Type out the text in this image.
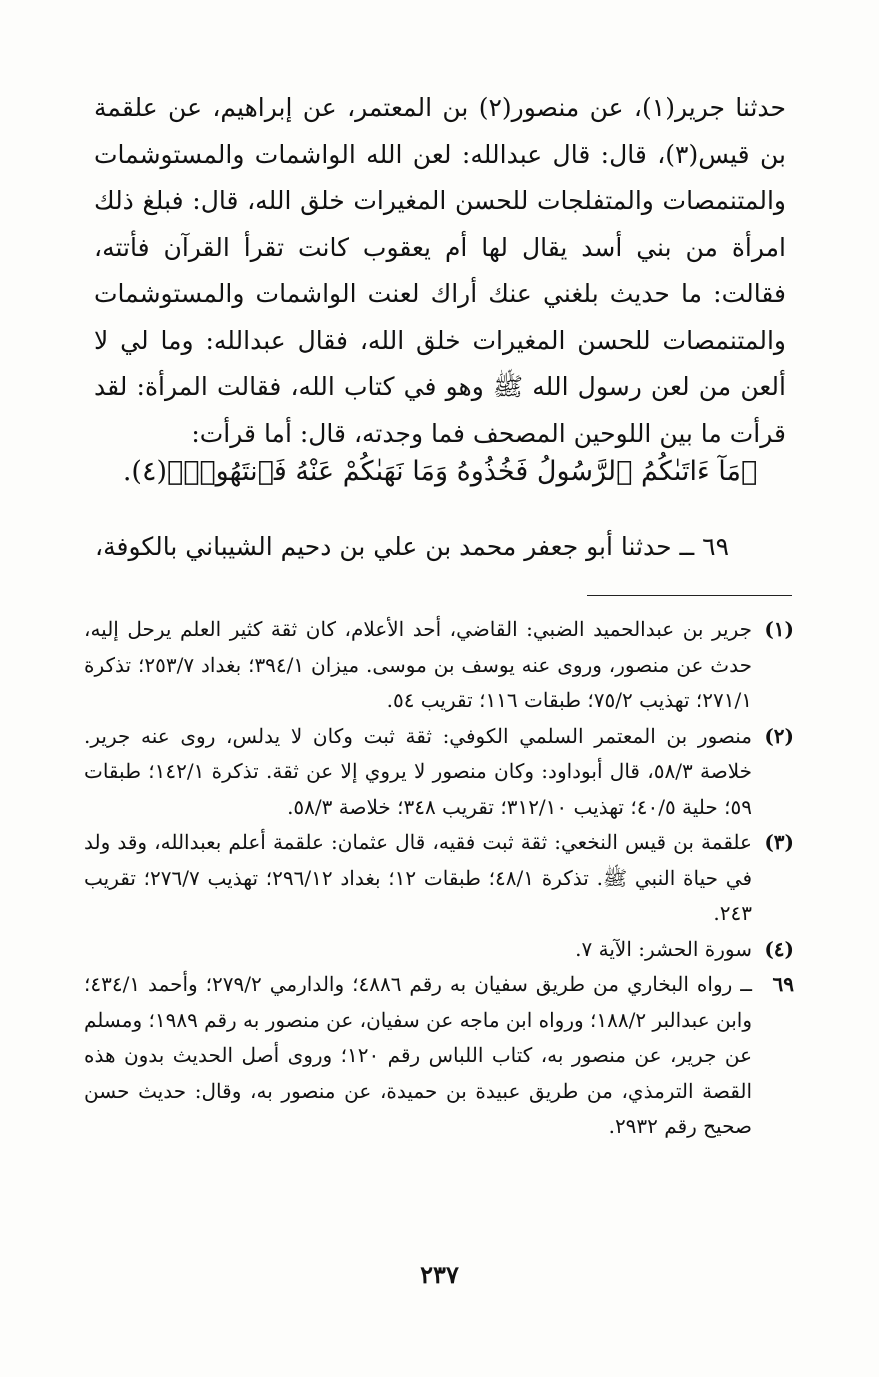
حدثنا جرير(١)، عن منصور(٢) بن المعتمر، عن إبراهيم، عن علقمة بن قيس(٣)، قال: قال عبدالله: لعن الله الواشمات والمستوشمات والمتنمصات والمتفلجات للحسن المغيرات خلق الله، قال: فبلغ ذلك امرأة من بني أسد يقال لها أم يعقوب كانت تقرأ القرآن فأتته، فقالت: ما حديث بلغني عنك أراك لعنت الواشمات والمستوشمات والمتنمصات للحسن المغيرات خلق الله، فقال عبدالله: وما لي لا ألعن من لعن رسول الله ﷺ وهو في كتاب الله، فقالت المرأة: لقد قرأت ما بين اللوحين المصحف فما وجدته، قال: أما قرأت:

﴿مَآ ءَاتَىٰكُمُ ٱلرَّسُولُ فَخُذُوهُ وَمَا نَهَىٰكُمْ عَنْهُ فَٱنتَهُوا۟﴾(٤).
٦٩ ــ حدثنا أبو جعفر محمد بن علي بن دحيم الشيباني بالكوفة،
(١)
جرير بن عبدالحميد الضبي: القاضي، أحد الأعلام، كان ثقة كثير العلم يرحل إليه، حدث عن منصور، وروى عنه يوسف بن موسى. ميزان ٣٩٤/١؛ بغداد ٢٥٣/٧؛ تذكرة ٢٧١/١؛ تهذيب ٧٥/٢؛ طبقات ١١٦؛ تقريب ٥٤.
(٢)
منصور بن المعتمر السلمي الكوفي: ثقة ثبت وكان لا يدلس، روى عنه جرير. خلاصة ٥٨/٣، قال أبوداود: وكان منصور لا يروي إلا عن ثقة. تذكرة ١٤٢/١؛ طبقات ٥٩؛ حلية ٤٠/٥؛ تهذيب ٣١٢/١٠؛ تقريب ٣٤٨؛ خلاصة ٥٨/٣.
(٣)
علقمة بن قيس النخعي: ثقة ثبت فقيه، قال عثمان: علقمة أعلم بعبدالله، وقد ولد في حياة النبي ﷺ. تذكرة ٤٨/١؛ طبقات ١٢؛ بغداد ٢٩٦/١٢؛ تهذيب ٢٧٦/٧؛ تقريب ٢٤٣.
(٤)
سورة الحشر: الآية ٧.
٦٩
ــ رواه البخاري من طريق سفيان به رقم ٤٨٨٦؛ والدارمي ٢٧٩/٢؛ وأحمد ٤٣٤/١؛ وابن عبدالبر ١٨٨/٢؛ ورواه ابن ماجه عن سفيان، عن منصور به رقم ١٩٨٩؛ ومسلم عن جرير، عن منصور به، كتاب اللباس رقم ١٢٠؛ وروى أصل الحديث بدون هذه القصة الترمذي، من طريق عبيدة بن حميدة، عن منصور به، وقال: حديث حسن صحيح رقم ٢٩٣٢.
٢٣٧
